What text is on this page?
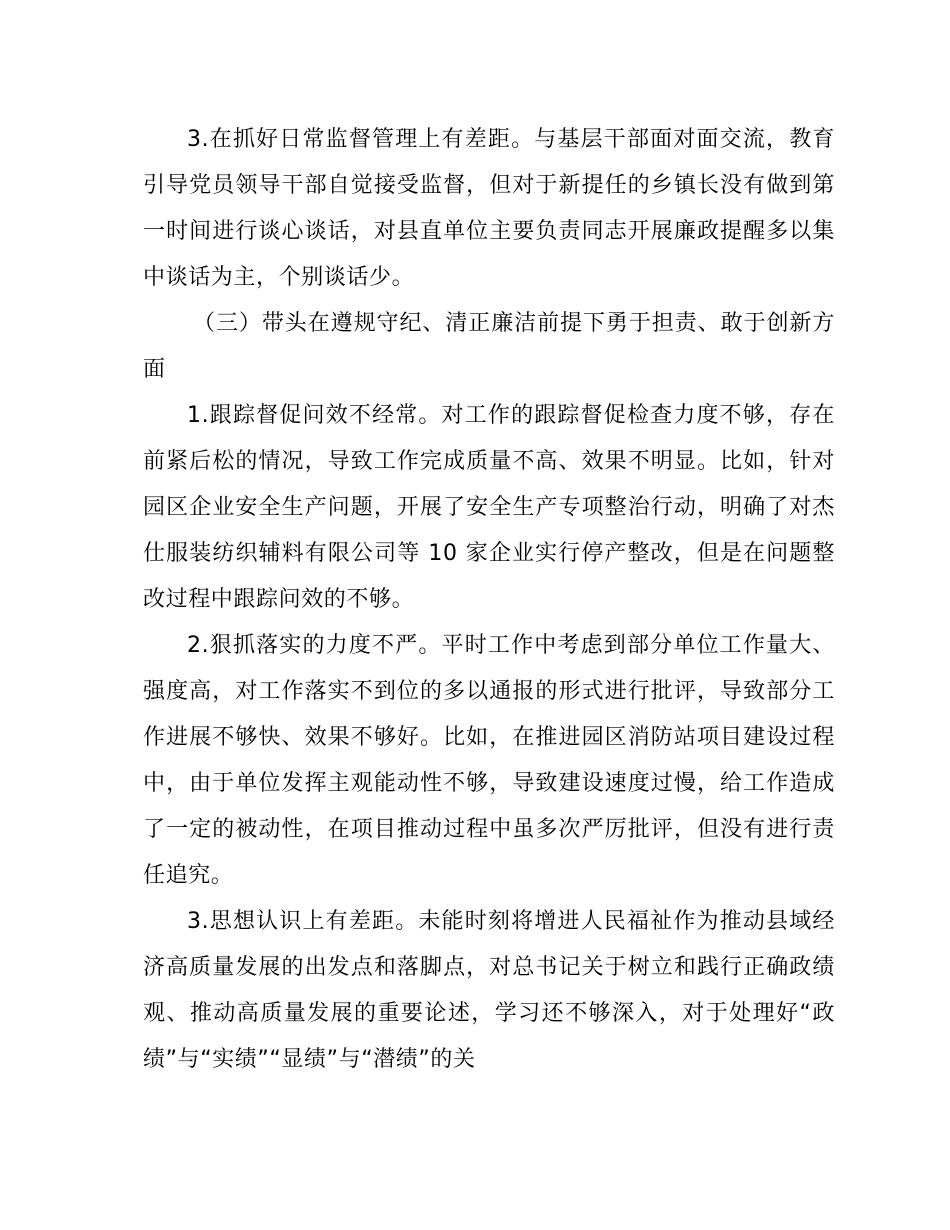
3.在抓好日常监督管理上有差距。与基层干部面对面交流，教育引导党员领导干部自觉接受监督，但对于新提任的乡镇长没有做到第一时间进行谈心谈话，对县直单位主要负责同志开展廉政提醒多以集中谈话为主，个别谈话少。

（三）带头在遵规守纪、清正廉洁前提下勇于担责、敢于创新方面

1.跟踪督促问效不经常。对工作的跟踪督促检查力度不够，存在前紧后松的情况，导致工作完成质量不高、效果不明显。比如，针对园区企业安全生产问题，开展了安全生产专项整治行动，明确了对杰仕服装纺织辅料有限公司等 10 家企业实行停产整改，但是在问题整改过程中跟踪问效的不够。

2.狠抓落实的力度不严。平时工作中考虑到部分单位工作量大、强度高，对工作落实不到位的多以通报的形式进行批评，导致部分工作进展不够快、效果不够好。比如，在推进园区消防站项目建设过程中，由于单位发挥主观能动性不够，导致建设速度过慢，给工作造成了一定的被动性，在项目推动过程中虽多次严厉批评，但没有进行责任追究。

3.思想认识上有差距。未能时刻将增进人民福祉作为推动县域经济高质量发展的出发点和落脚点，对总书记关于树立和践行正确政绩观、推动高质量发展的重要论述，学习还不够深入，对于处理好“政绩”与“实绩”“显绩”与“潜绩”的关
